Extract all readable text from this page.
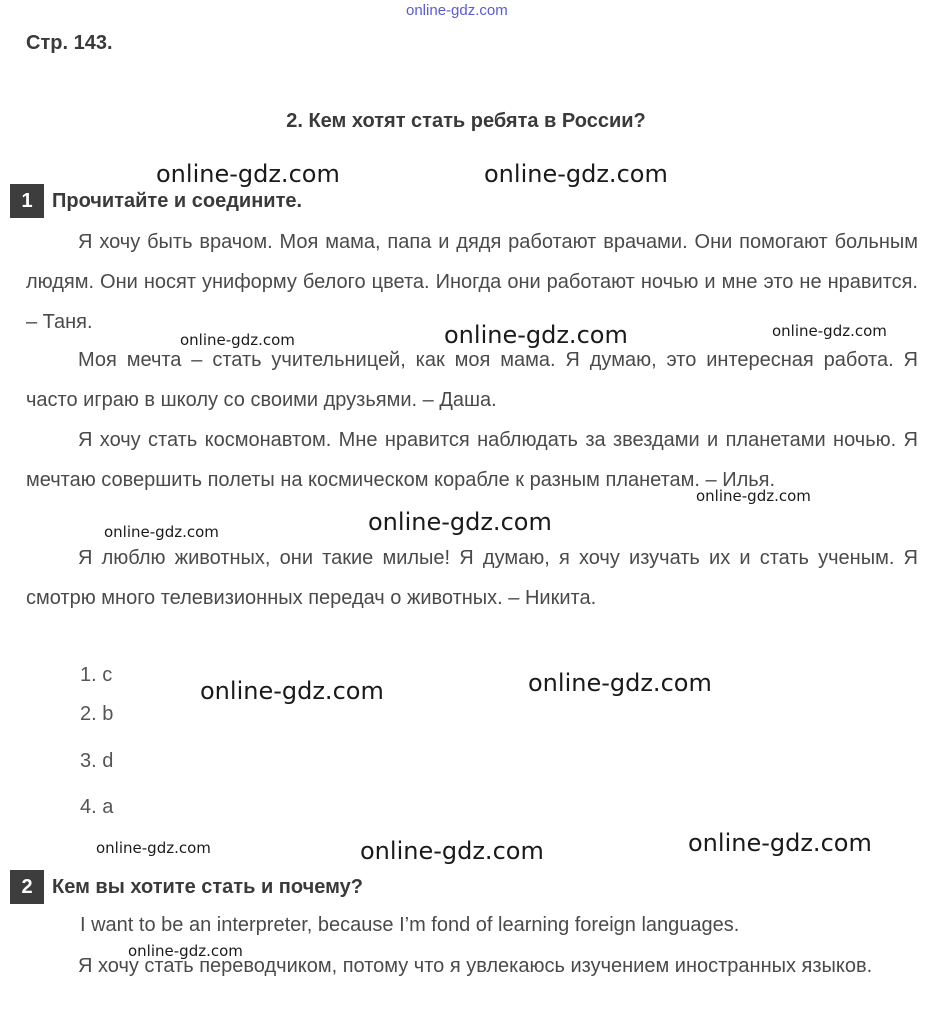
online-gdz.com
Стр. 143.
2. Кем хотят стать ребята в России?
1 Прочитайте и соедините.

Я хочу быть врачом. Моя мама, папа и дядя работают врачами. Они помогают больным людям. Они носят униформу белого цвета. Иногда они работают ночью и мне это не нравится. – Таня.

Моя мечта – стать учительницей, как моя мама. Я думаю, это интересная работа. Я часто играю в школу со своими друзьями. – Даша.

Я хочу стать космонавтом. Мне нравится наблюдать за звездами и планетами ночью. Я мечтаю совершить полеты на космическом корабле к разным планетам. – Илья.

Я люблю животных, они такие милые! Я думаю, я хочу изучать их и стать ученым. Я смотрю много телевизионных передач о животных. – Никита.

1. c
2. b
3. d
4. a
2 Кем вы хотите стать и почему?

I want to be an interpreter, because I’m fond of learning foreign languages.

Я хочу стать переводчиком, потому что я увлекаюсь изучением иностранных языков.

online-gdz.com	online-gdz.com
online-gdz.com	online-gdz.com	online-gdz.com
online-gdz.com
online-gdz.com	online-gdz.com
online-gdz.com	online-gdz.com
online-gdz.com	online-gdz.com	online-gdz.com
online-gdz.com
